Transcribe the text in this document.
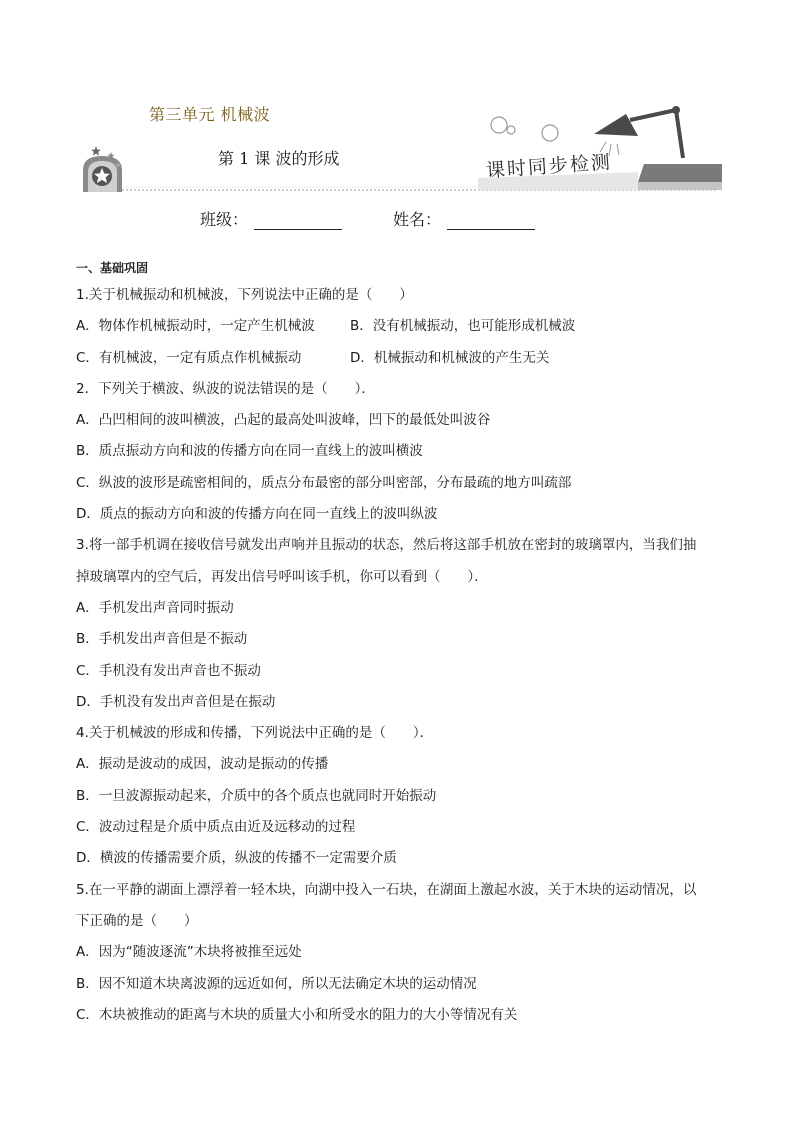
第三单元 机械波
第 1 课 波的形成	课时同步检测
班级：	姓名：
一、基础巩固
1.关于机械振动和机械波，下列说法中正确的是（　　）
A．物体作机械振动时，一定产生机械波	B．没有机械振动，也可能形成机械波
C．有机械波，一定有质点作机械振动	D．机械振动和机械波的产生无关
2．下列关于横波、纵波的说法错误的是（　　）．
A．凸凹相间的波叫横波，凸起的最高处叫波峰，凹下的最低处叫波谷
B．质点振动方向和波的传播方向在同一直线上的波叫横波
C．纵波的波形是疏密相间的，质点分布最密的部分叫密部，分布最疏的地方叫疏部
D．质点的振动方向和波的传播方向在同一直线上的波叫纵波
3.将一部手机调在接收信号就发出声响并且振动的状态，然后将这部手机放在密封的玻璃罩内，当我们抽
掉玻璃罩内的空气后，再发出信号呼叫该手机，你可以看到（　　）．
A．手机发出声音同时振动
B．手机发出声音但是不振动
C．手机没有发出声音也不振动
D．手机没有发出声音但是在振动
4.关于机械波的形成和传播，下列说法中正确的是（　　）．
A．振动是波动的成因，波动是振动的传播
B．一旦波源振动起来，介质中的各个质点也就同时开始振动
C．波动过程是介质中质点由近及远移动的过程
D．横波的传播需要介质，纵波的传播不一定需要介质
5.在一平静的湖面上漂浮着一轻木块，向湖中投入一石块，在湖面上激起水波，关于木块的运动情况，以
下正确的是（　　）
A．因为“随波逐流”木块将被推至远处
B．因不知道木块离波源的远近如何，所以无法确定木块的运动情况
C．木块被推动的距离与木块的质量大小和所受水的阻力的大小等情况有关
